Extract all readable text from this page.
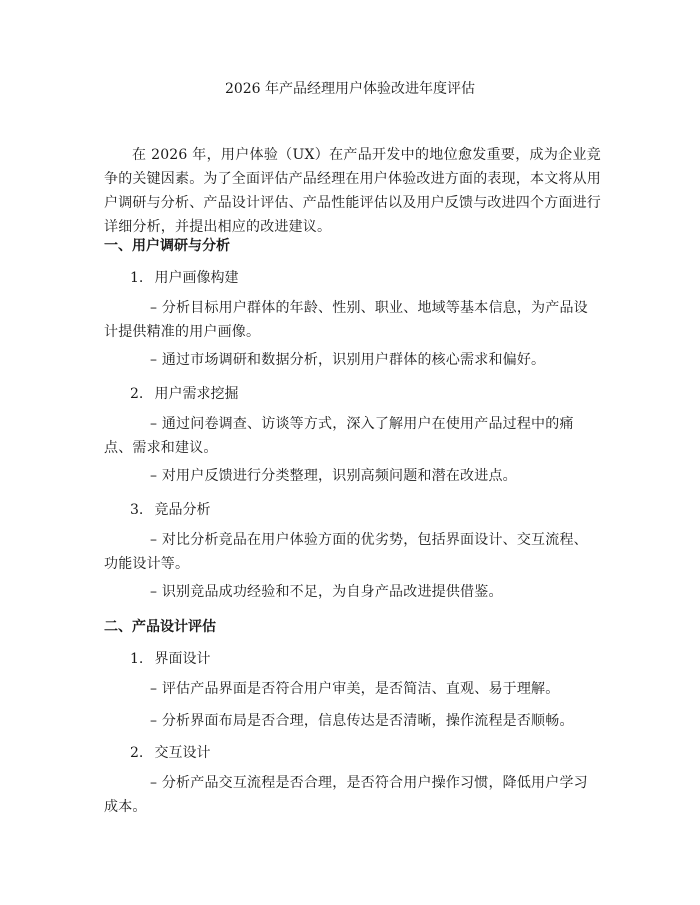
2026 年产品经理用户体验改进年度评估
在 2026 年，用户体验（UX）在产品开发中的地位愈发重要，成为企业竞争的关键因素。为了全面评估产品经理在用户体验改进方面的表现，本文将从用户调研与分析、产品设计评估、产品性能评估以及用户反馈与改进四个方面进行详细分析，并提出相应的改进建议。
一、用户调研与分析
1. 用户画像构建
– 分析目标用户群体的年龄、性别、职业、地域等基本信息，为产品设计提供精准的用户画像。
– 通过市场调研和数据分析，识别用户群体的核心需求和偏好。
2. 用户需求挖掘
– 通过问卷调查、访谈等方式，深入了解用户在使用产品过程中的痛点、需求和建议。
– 对用户反馈进行分类整理，识别高频问题和潜在改进点。
3. 竞品分析
– 对比分析竞品在用户体验方面的优劣势，包括界面设计、交互流程、功能设计等。
– 识别竞品成功经验和不足，为自身产品改进提供借鉴。
二、产品设计评估
1. 界面设计
– 评估产品界面是否符合用户审美，是否简洁、直观、易于理解。
– 分析界面布局是否合理，信息传达是否清晰，操作流程是否顺畅。
2. 交互设计
– 分析产品交互流程是否合理，是否符合用户操作习惯，降低用户学习成本。
